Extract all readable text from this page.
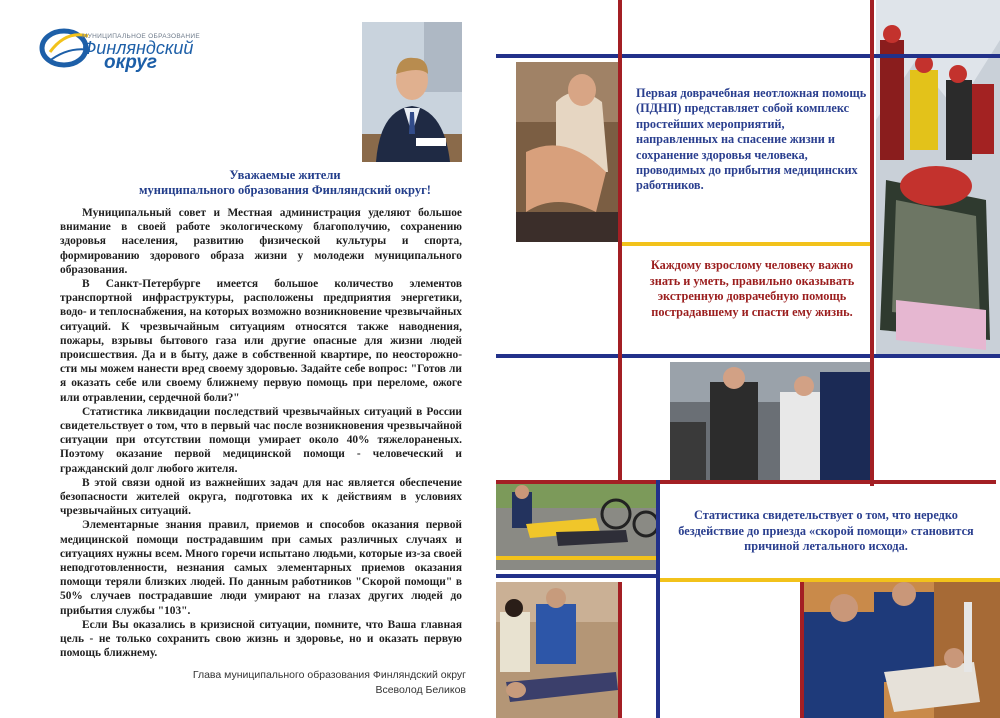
МУНИЦИПАЛЬНОЕ ОБРАЗОВАНИЕ
Финляндский
округ
Уважаемые жители
муниципального образования Финляндский округ!

Муниципальный совет и Местная администрация уделяют большое внимание в своей работе экологическому благополучию, сохранению здоровья населения, развитию физической культуры и спорта, формированию здорового образа жизни у молодежи муниципального образования.

В Санкт-Петербурге имеется большое количество элементов транспортной инфраструктуры, расположены предприятия энергетики, водо- и теплоснабжения, на которых возможно возникновение чрезвычайных ситуаций. К чрезвычайным ситуациям относятся также наводнения, пожары, взрывы бытового газа или другие опасные для жизни людей происшествия. Да и в быту, даже в собственной квартире, по неосторожно-сти мы можем нанести вред своему здоровью. Задайте себе вопрос: "Готов ли я оказать себе или своему ближнему первую помощь при переломе, ожоге или отравлении, сердечной боли?"

Статистика ликвидации последствий чрезвычайных ситуаций в России свидетельствует о том, что в первый час после возникновения чрезвычайной ситуации при отсутствии помощи умирает около 40% тяжелораненых. Поэтому оказание первой медицинской помощи - человеческий и гражданский долг любого жителя.

В этой связи одной из важнейших задач для нас является обеспечение безопасности жителей округа, подготовка их к действиям в условиях чрезвычайных ситуаций.

Элементарные знания правил, приемов и способов оказания первой медицинской помощи пострадавшим при самых различных случаях и ситуациях нужны всем. Много горечи испытано людьми, которые из-за своей неподготовленности, незнания самых элементарных приемов оказания помощи теряли близких людей. По данным работников "Скорой помощи" в 50% случаев пострадавшие люди умирают на глазах других людей до прибытия службы "103".

Если Вы оказались в кризисной ситуации, помните, что Ваша главная цель - не только сохранить свою жизнь и здоровье, но и оказать первую помощь ближнему.

Глава муниципального образования Финляндский округ
Всеволод Беликов
Первая доврачебная неотложная помощь (ПДНП) представляет собой комплекс простейших мероприятий, направленных на спасение жизни и сохранение здоровья человека, проводимых до прибытия медицинских работников.
Каждому взрослому человеку важно знать и уметь, правильно оказывать экстренную доврачебную помощь пострадавшему и спасти ему жизнь.
Статистика свидетельствует о том, что нередко бездействие до приезда «скорой помощи» становится причиной летального исхода.
